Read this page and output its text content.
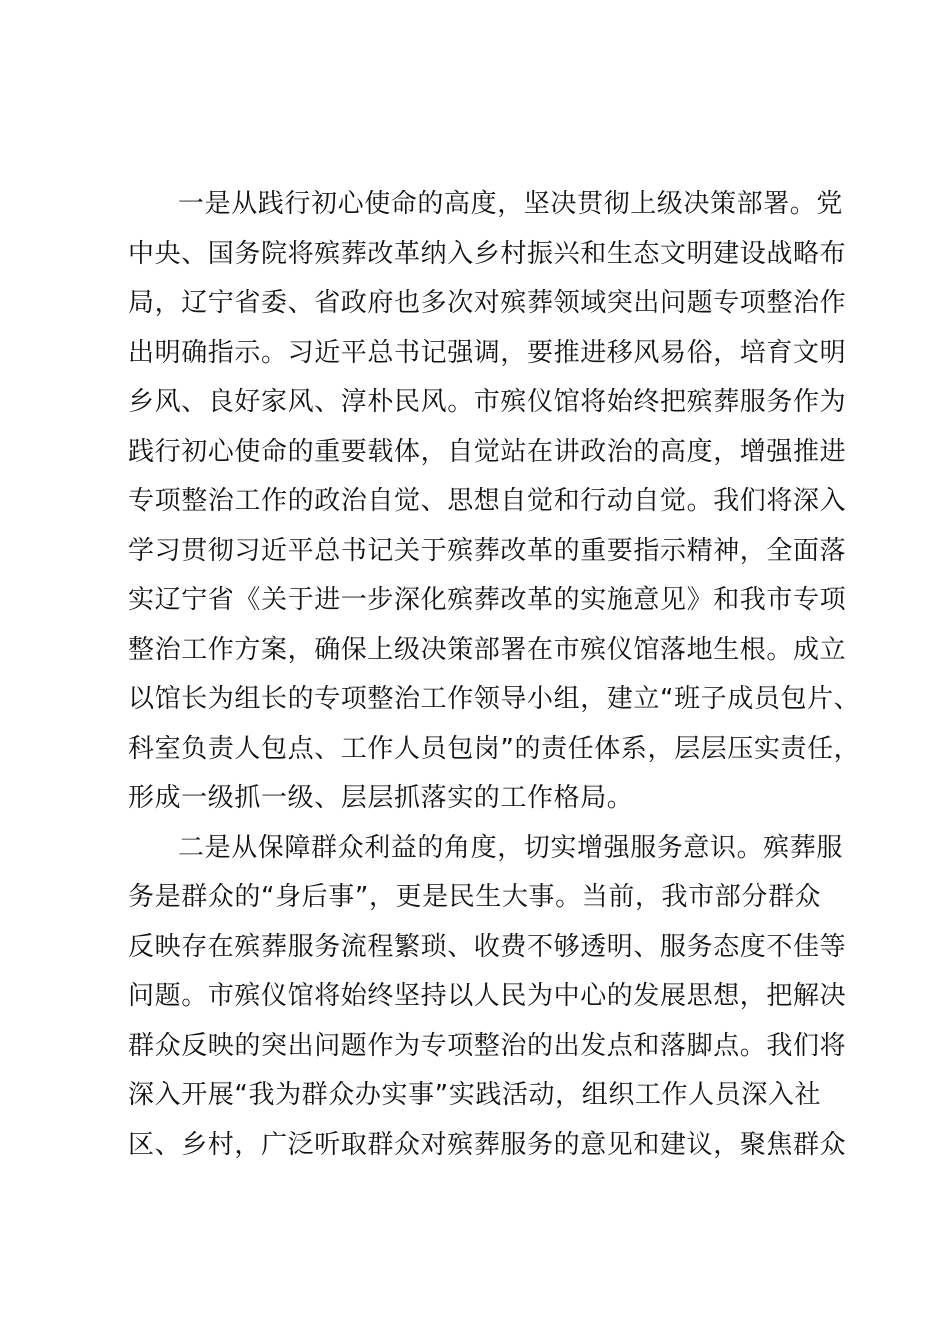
一是从践行初心使命的高度，坚决贯彻上级决策部署。党
中央、国务院将殡葬改革纳入乡村振兴和生态文明建设战略布
局，辽宁省委、省政府也多次对殡葬领域突出问题专项整治作
出明确指示。习近平总书记强调，要推进移风易俗，培育文明
乡风、良好家风、淳朴民风。市殡仪馆将始终把殡葬服务作为
践行初心使命的重要载体，自觉站在讲政治的高度，增强推进
专项整治工作的政治自觉、思想自觉和行动自觉。我们将深入
学习贯彻习近平总书记关于殡葬改革的重要指示精神，全面落
实辽宁省《关于进一步深化殡葬改革的实施意见》和我市专项
整治工作方案，确保上级决策部署在市殡仪馆落地生根。成立
以馆长为组长的专项整治工作领导小组，建立“班子成员包片、
科室负责人包点、工作人员包岗”的责任体系，层层压实责任，
形成一级抓一级、层层抓落实的工作格局。
二是从保障群众利益的角度，切实增强服务意识。殡葬服
务是群众的“身后事”，更是民生大事。当前，我市部分群众
反映存在殡葬服务流程繁琐、收费不够透明、服务态度不佳等
问题。市殡仪馆将始终坚持以人民为中心的发展思想，把解决
群众反映的突出问题作为专项整治的出发点和落脚点。我们将
深入开展“我为群众办实事”实践活动，组织工作人员深入社
区、乡村，广泛听取群众对殡葬服务的意见和建议，聚焦群众
